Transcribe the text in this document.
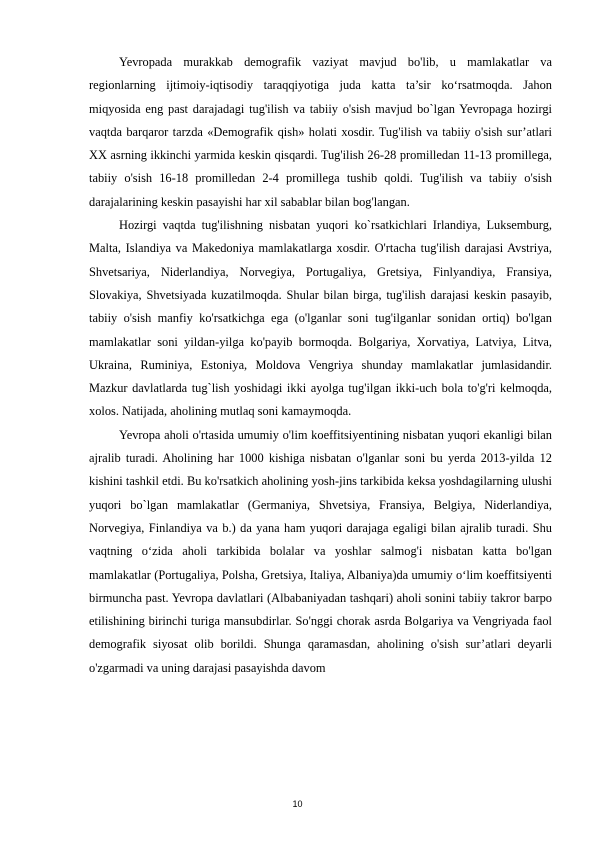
Yevropada murakkab demografik vaziyat mavjud bo'lib, u mamlakatlar va regionlarning ijtimoiy-iqtisodiy taraqqiyotiga juda katta ta’sir ko‘rsatmoqda. Jahon miqyosida eng past darajadagi tug'ilish va tabiiy o'sish mavjud bo`lgan Yevropaga hozirgi vaqtda barqaror tarzda «Demografik qish» holati xosdir. Tug'ilish va tabiiy o'sish sur’atlari XX asrning ikkinchi yarmida keskin qisqardi. Tug'ilish 26-28 promilledan 11-13 promillega, tabiiy o'sish 16-18 promilledan 2-4 promillega tushib qoldi. Tug'ilish va tabiiy o'sish darajalarining keskin pasayishi har xil sabablar bilan bog'langan.

Hozirgi vaqtda tug'ilishning nisbatan yuqori ko`rsatkichlari Irlandiya, Luksemburg, Malta, Islandiya va Makedoniya mamlakatlarga xosdir. O'rtacha tug'ilish darajasi Avstriya, Shvetsariya, Niderlandiya, Norvegiya, Portugaliya, Gretsiya, Finlyandiya, Fransiya, Slovakiya, Shvetsiyada kuzatilmoqda. Shular bilan birga, tug'ilish darajasi keskin pasayib, tabiiy o'sish manfiy ko'rsatkichga ega (o'lganlar soni tug'ilganlar sonidan ortiq) bo'lgan mamlakatlar soni yildan-yilga ko'payib bormoqda. Bolgariya, Xorvatiya, Latviya, Litva, Ukraina, Ruminiya, Estoniya, Moldova Vengriya shunday mamlakatlar jumlasidandir. Mazkur davlatlarda tug`lish yoshidagi ikki ayolga tug'ilgan ikki-uch bola to'g'ri kelmoqda, xolos. Natijada, aholining mutlaq soni kamaymoqda.

Yevropa aholi o'rtasida umumiy o'lim koeffitsiyentining nisbatan yuqori ekanligi bilan ajralib turadi. Aholining har 1000 kishiga nisbatan o'lganlar soni bu yerda 2013-yilda 12 kishini tashkil etdi. Bu ko'rsatkich aholining yosh-jins tarkibida keksa yoshdagilarning ulushi yuqori bo`lgan mamlakatlar (Germaniya, Shvetsiya, Fransiya, Belgiya, Niderlandiya, Norvegiya, Finlandiya va b.) da yana ham yuqori darajaga egaligi bilan ajralib turadi. Shu vaqtning o‘zida aholi tarkibida bolalar va yoshlar salmog'i nisbatan katta bo'lgan mamlakatlar (Portugaliya, Polsha, Gretsiya, Italiya, Albaniya)da umumiy o‘lim koeffitsiyenti birmuncha past. Yevropa davlatlari (Albabaniyadan tashqari) aholi sonini tabiiy takror barpo etilishining birinchi turiga mansubdirlar. So'nggi chorak asrda Bolgariya va Vengriyada faol demografik siyosat olib borildi. Shunga qaramasdan, aholining o'sish sur’atlari deyarli o'zgarmadi va uning darajasi pasayishda davom

10
